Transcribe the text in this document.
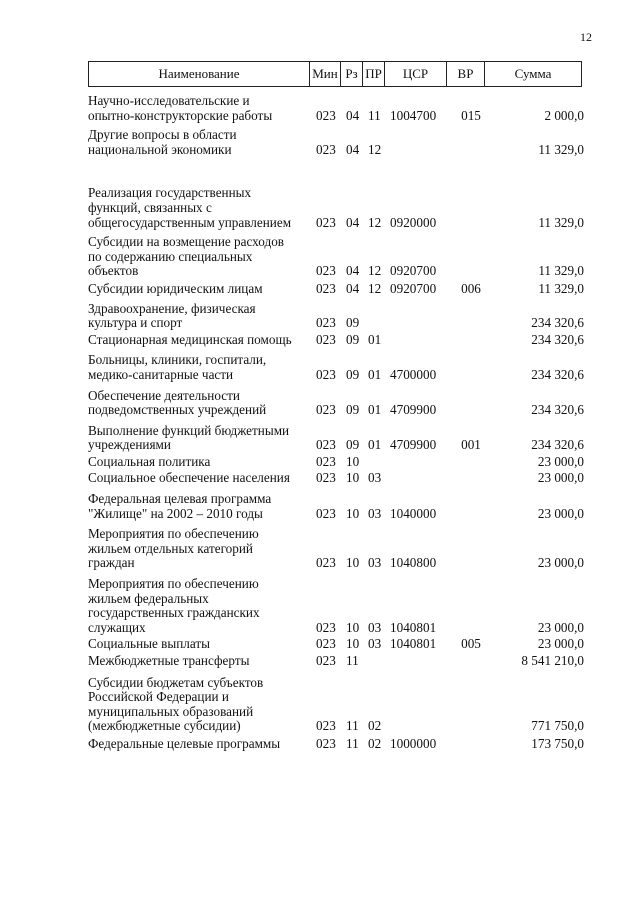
12
Наименование	Мин Рз ПР	ЦСР	ВР	Сумма
Научно-исследовательские и
опытно-конструкторские работы	023 04 11 1004700	015	2 000,0
Другие вопросы в области
национальной экономики	023 04 12	11 329,0
Реализация государственных
функций, связанных с
общегосударственным управлением	023 04 12 0920000	11 329,0
Субсидии на возмещение расходов
по содержанию специальных
объектов	023 04 12 0920700	11 329,0
Субсидии юридическим лицам	023 04 12 0920700	006	11 329,0
Здравоохранение, физическая
культура и спорт	023 09	234 320,6
Стационарная медицинская помощь	023 09 01	234 320,6
Больницы, клиники, госпитали,
медико-санитарные части	023 09 01 4700000	234 320,6
Обеспечение деятельности
подведомственных учреждений	023 09 01 4709900	234 320,6
Выполнение функций бюджетными
учреждениями	023 09 01 4709900	001	234 320,6
Социальная политика	023 10	23 000,0
Социальное обеспечение населения	023 10 03	23 000,0
Федеральная целевая программа
"Жилище" на 2002 – 2010 годы	023 10 03 1040000	23 000,0
Мероприятия по обеспечению
жильем отдельных категорий
граждан	023 10 03 1040800	23 000,0
Мероприятия по обеспечению
жильем федеральных
государственных гражданских
служащих	023 10 03 1040801	23 000,0
Социальные выплаты	023 10 03 1040801	005	23 000,0
Межбюджетные трансферты	023 11	8 541 210,0
Субсидии бюджетам субъектов
Российской Федерации и
муниципальных образований
(межбюджетные субсидии)	023 11 02	771 750,0
Федеральные целевые программы	023 11 02 1000000	173 750,0
